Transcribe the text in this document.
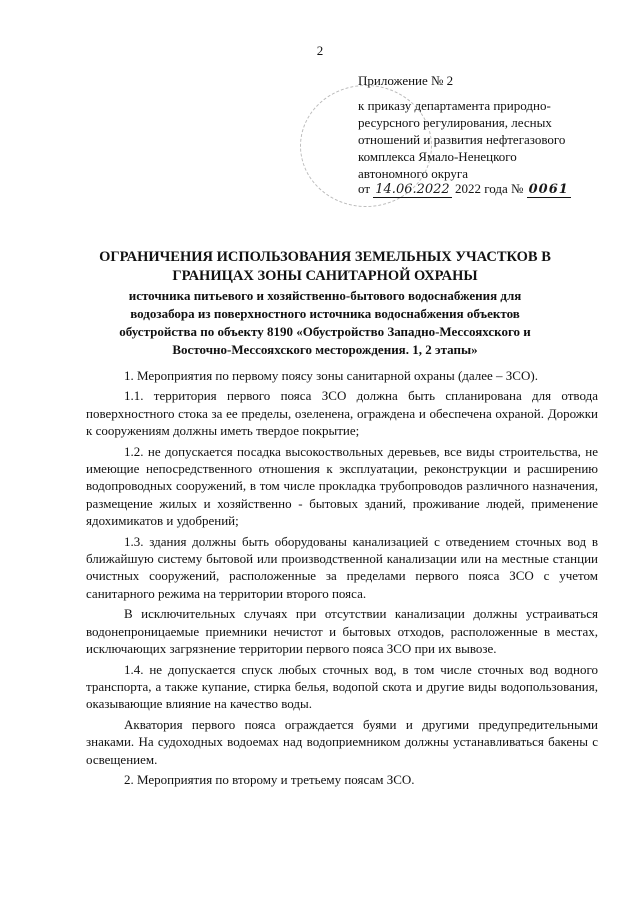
2
Приложение № 2
к приказу департамента природно-
ресурсного регулирования, лесных
отношений и развития нефтегазового
комплекса Ямало-Ненецкого
автономного округа
от 14.06.2022 2022 года № 0061
ОГРАНИЧЕНИЯ ИСПОЛЬЗОВАНИЯ ЗЕМЕЛЬНЫХ УЧАСТКОВ В
ГРАНИЦАХ ЗОНЫ САНИТАРНОЙ ОХРАНЫ
источника питьевого и хозяйственно-бытового водоснабжения для
водозабора из поверхностного источника водоснабжения объектов
обустройства по объекту 8190 «Обустройство Западно-Мессояхского и
Восточно-Мессояхского месторождения. 1, 2 этапы»

1. Мероприятия по первому поясу зоны санитарной охраны (далее – ЗСО).

1.1. территория первого пояса ЗСО должна быть спланирована для отвода поверхностного стока за ее пределы, озеленена, ограждена и обеспечена охраной. Дорожки к сооружениям должны иметь твердое покрытие;

1.2. не допускается посадка высокоствольных деревьев, все виды строительства, не имеющие непосредственного отношения к эксплуатации, реконструкции и расширению водопроводных сооружений, в том числе прокладка трубопроводов различного назначения, размещение жилых и хозяйственно - бытовых зданий, проживание людей, применение ядохимикатов и удобрений;

1.3. здания должны быть оборудованы канализацией с отведением сточных вод в ближайшую систему бытовой или производственной канализации или на местные станции очистных сооружений, расположенные за пределами первого пояса ЗСО с учетом санитарного режима на территории второго пояса.

В исключительных случаях при отсутствии канализации должны устраиваться водонепроницаемые приемники нечистот и бытовых отходов, расположенные в местах, исключающих загрязнение территории первого пояса ЗСО при их вывозе.

1.4. не допускается спуск любых сточных вод, в том числе сточных вод водного транспорта, а также купание, стирка белья, водопой скота и другие виды водопользования, оказывающие влияние на качество воды.

Акватория первого пояса ограждается буями и другими предупредительными знаками. На судоходных водоемах над водоприемником должны устанавливаться бакены с освещением.

2. Мероприятия по второму и третьему поясам ЗСО.
